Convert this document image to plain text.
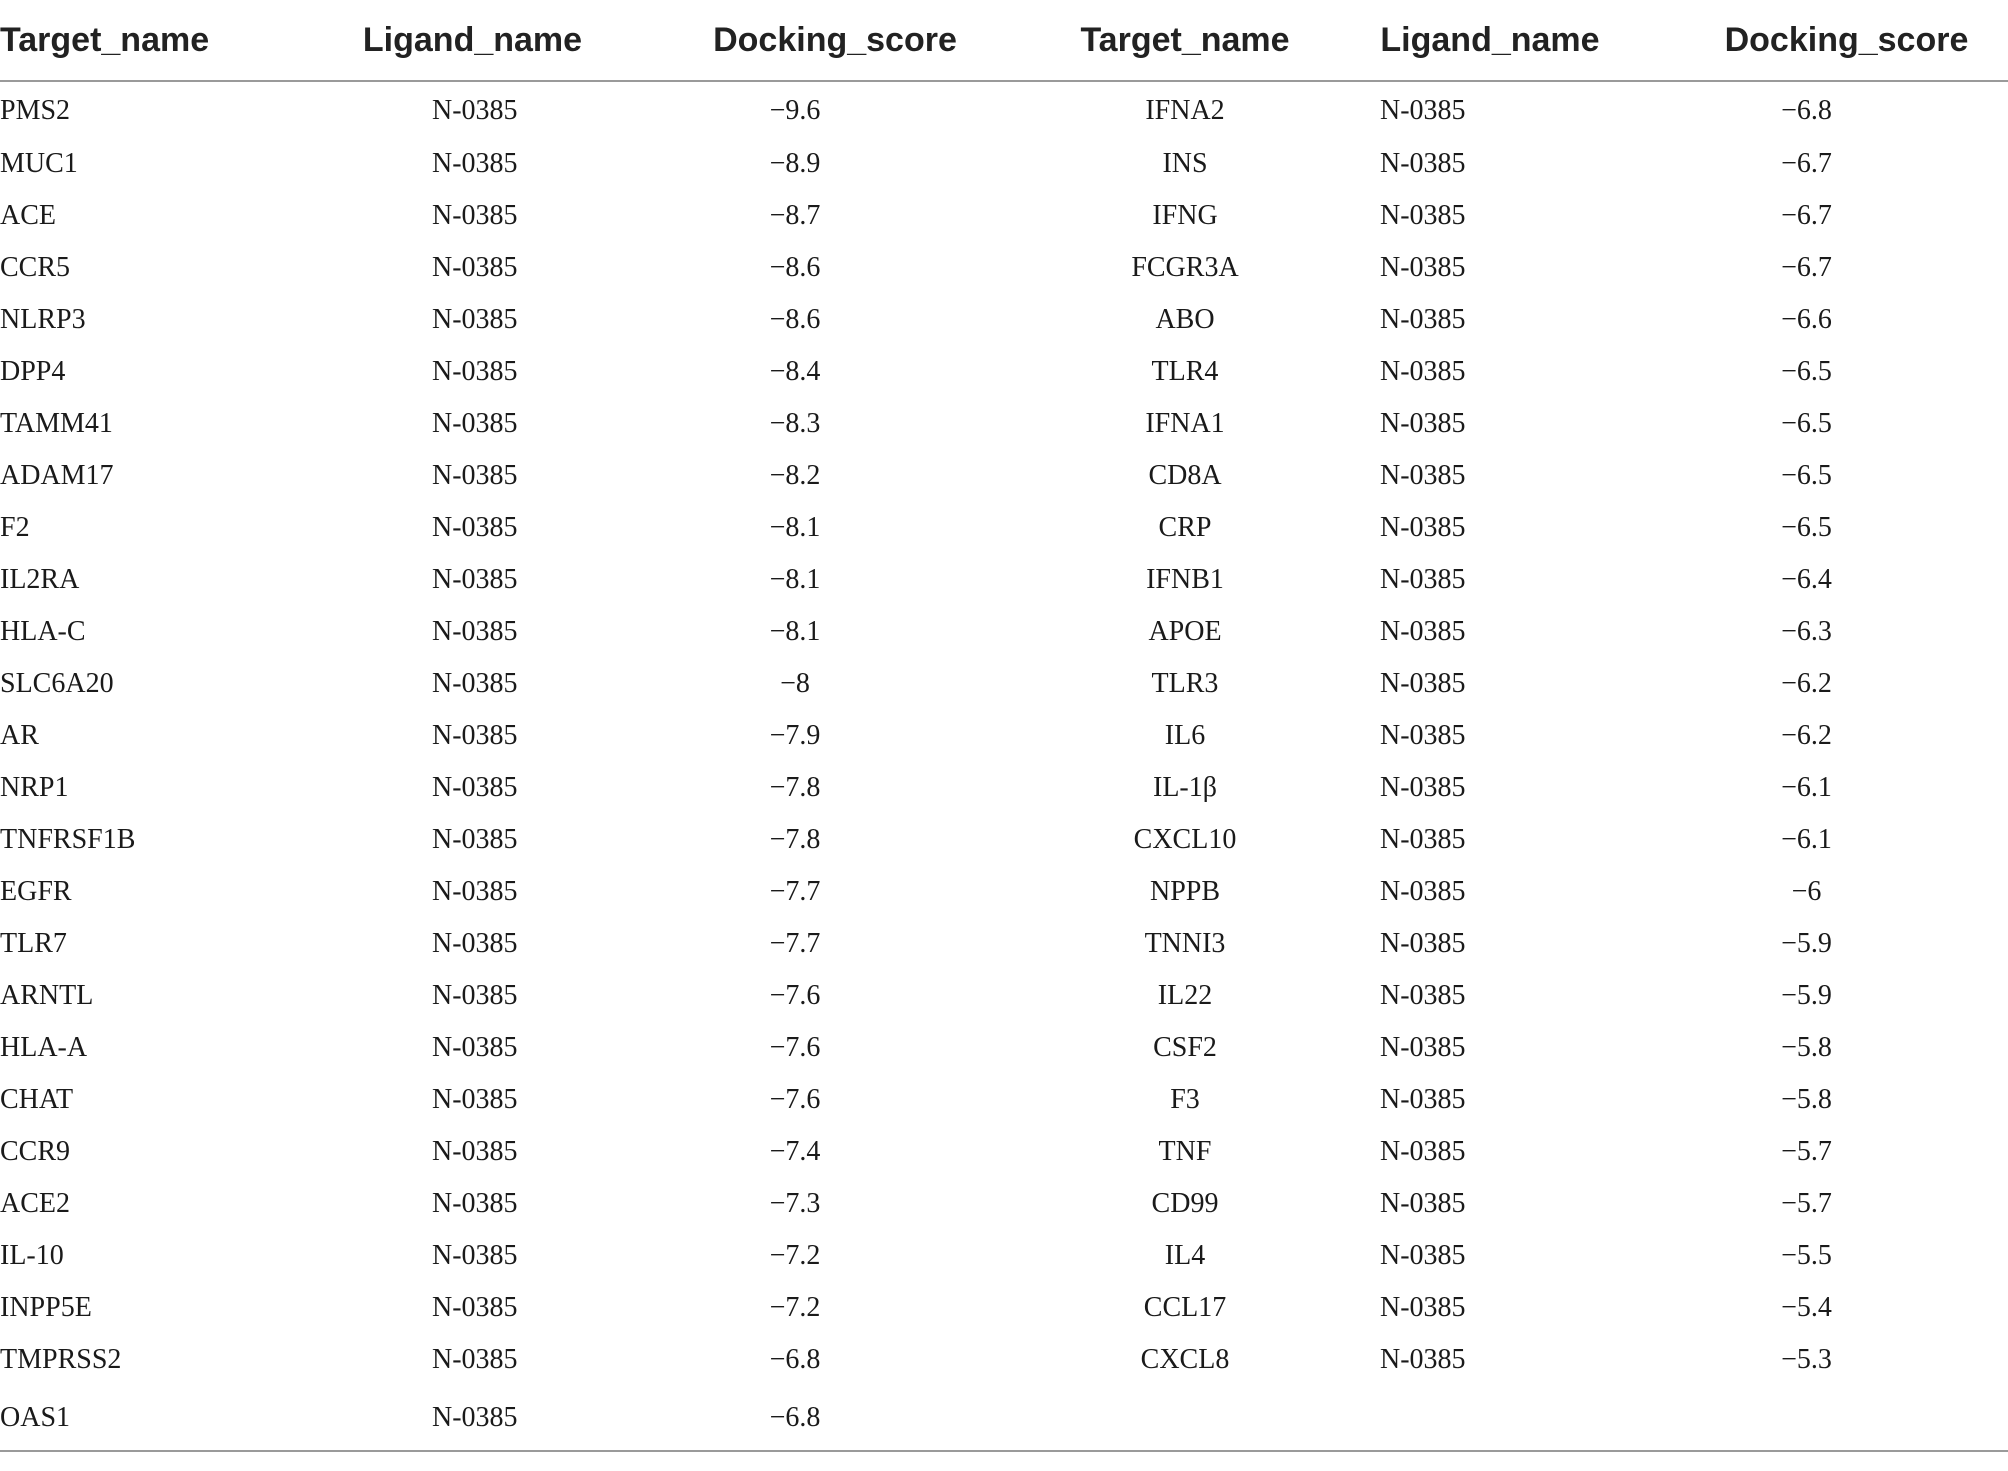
Target_name	Ligand_name	Docking_score	Target_name	Ligand_name	Docking_score
PMS2	N-0385	−9.6	IFNA2	N-0385	−6.8
MUC1	N-0385	−8.9	INS	N-0385	−6.7
ACE	N-0385	−8.7	IFNG	N-0385	−6.7
CCR5	N-0385	−8.6	FCGR3A	N-0385	−6.7
NLRP3	N-0385	−8.6	ABO	N-0385	−6.6
DPP4	N-0385	−8.4	TLR4	N-0385	−6.5
TAMM41	N-0385	−8.3	IFNA1	N-0385	−6.5
ADAM17	N-0385	−8.2	CD8A	N-0385	−6.5
F2	N-0385	−8.1	CRP	N-0385	−6.5
IL2RA	N-0385	−8.1	IFNB1	N-0385	−6.4
HLA-C	N-0385	−8.1	APOE	N-0385	−6.3
SLC6A20	N-0385	−8	TLR3	N-0385	−6.2
AR	N-0385	−7.9	IL6	N-0385	−6.2
NRP1	N-0385	−7.8	IL-1β	N-0385	−6.1
TNFRSF1B	N-0385	−7.8	CXCL10	N-0385	−6.1
EGFR	N-0385	−7.7	NPPB	N-0385	−6
TLR7	N-0385	−7.7	TNNI3	N-0385	−5.9
ARNTL	N-0385	−7.6	IL22	N-0385	−5.9
HLA-A	N-0385	−7.6	CSF2	N-0385	−5.8
CHAT	N-0385	−7.6	F3	N-0385	−5.8
CCR9	N-0385	−7.4	TNF	N-0385	−5.7
ACE2	N-0385	−7.3	CD99	N-0385	−5.7
IL-10	N-0385	−7.2	IL4	N-0385	−5.5
INPP5E	N-0385	−7.2	CCL17	N-0385	−5.4
TMPRSS2	N-0385	−6.8	CXCL8	N-0385	−5.3
OAS1	N-0385	−6.8			
